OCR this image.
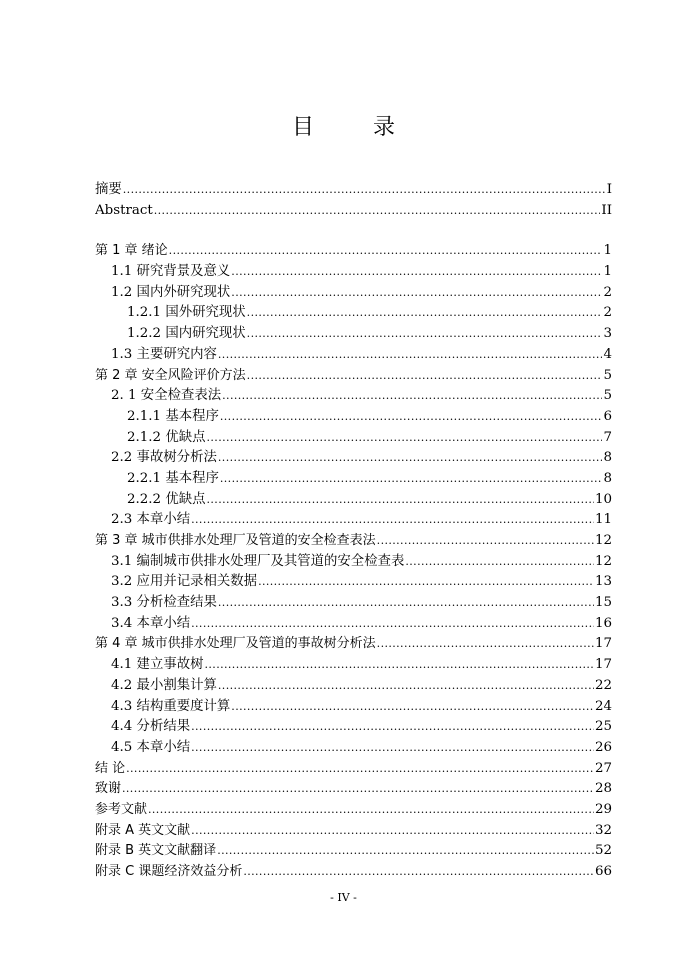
目 录
摘要 .....	I
Abstract .....	II
第 1 章 绪论 .....	1
1.1 研究背景及意义 .....	1
1.2 国内外研究现状 .....	2
1.2.1 国外研究现状 .....	2
1.2.2 国内研究现状 .....	3
1.3 主要研究内容 .....	4
第 2 章 安全风险评价方法 .....	5
2. 1 安全检查表法 .....	5
2.1.1 基本程序 .....	6
2.1.2 优缺点 .....	7
2.2 事故树分析法 .....	8
2.2.1 基本程序 .....	8
2.2.2 优缺点 .....	10
2.3 本章小结 .....	11
第 3 章 城市供排水处理厂及管道的安全检查表法 .....	12
3.1 编制城市供排水处理厂及其管道的安全检查表 .....	12
3.2 应用并记录相关数据 .....	13
3.3 分析检查结果 .....	15
3.4 本章小结 .....	16
第 4 章 城市供排水处理厂及管道的事故树分析法 .....	17
4.1 建立事故树 .....	17
4.2 最小割集计算 .....	22
4.3 结构重要度计算 .....	24
4.4 分析结果 .....	25
4.5 本章小结 .....	26
结 论 .....	27
致谢 .....	28
参考文献 .....	29
附录 A 英文文献 .....	32
附录 B 英文文献翻译 .....	52
附录 C 课题经济效益分析 .....	66
- IV -
